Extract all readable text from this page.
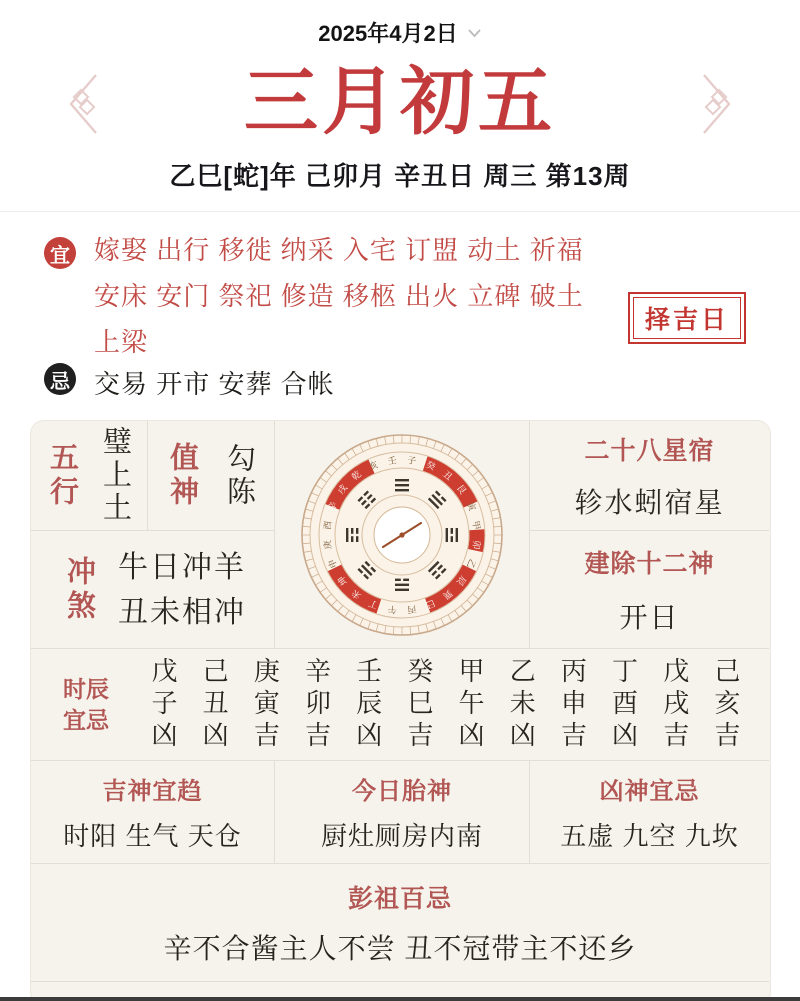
2025年4月2日
三月初五
乙巳[蛇]年 己卯月 辛丑日 周三 第13周
宜 嫁娶 出行 移徙 纳采 入宅 订盟 动土 祈福 安床 安门 祭祀 修造 移柩 出火 立碑 破土 上梁

择吉日
忌 交易 开市 安葬 合帐

五行 璧上土 值神 勾陈	子 癸
丑
艮
寅
甲
卯
乙
辰
巽
巳
丙
午
丁
未
坤
申
庚
酉
辛
戌
乾
亥 壬	二十八星宿
轸水蚓宿星
冲煞 牛日冲羊
丑未相冲
建除十二神
开日
时辰
宜忌	戊子凶 己丑凶 庚寅吉 辛卯吉 壬辰凶 癸巳吉 甲午凶 乙未凶 丙申吉 丁酉凶 戊戌吉 己亥吉
吉神宜趋
时阳 生气 天仓
今日胎神
厨灶厕房内南
凶神宜忌
五虚 九空 九坎
彭祖百忌
辛不合酱主人不尝 丑不冠带主不还乡
